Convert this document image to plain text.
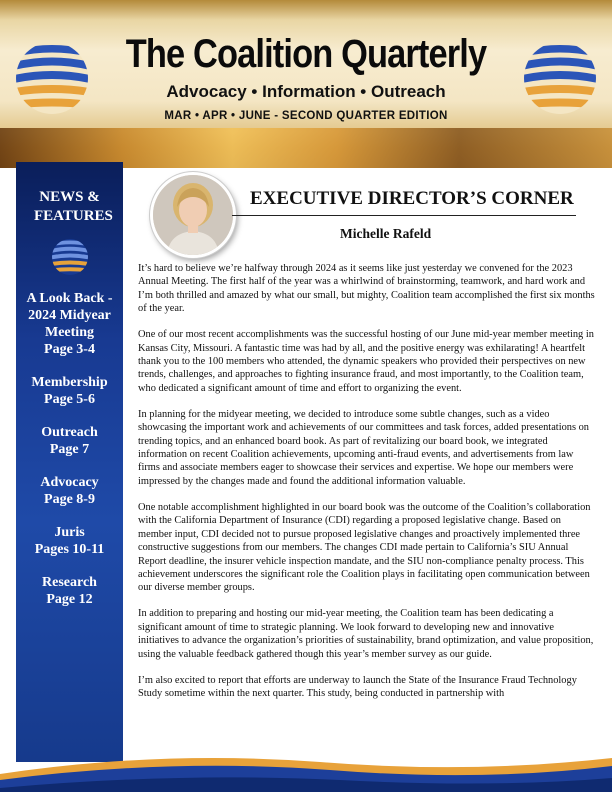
The Coalition Quarterly

Advocacy • Information • Outreach

MAR • APR • JUNE - SECOND QUARTER EDITION

NEWS & FEATURES
A Look Back - 2024 Midyear Meeting
Page 3-4
Membership
Page 5-6
Outreach
Page 7
Advocacy
Page 8-9
Juris
Pages 10-11
Research
Page 12
EXECUTIVE DIRECTOR’S CORNER

Michelle Rafeld

It’s hard to believe we’re halfway through 2024 as it seems like just yesterday we convened for the 2023 Annual Meeting. The first half of the year was a whirlwind of brainstorming, teamwork, and hard work and I’m both thrilled and amazed by what our small, but mighty, Coalition team accomplished the first six months of the year.

One of our most recent accomplishments was the successful hosting of our June mid-year member meeting in Kansas City, Missouri. A fantastic time was had by all, and the positive energy was exhilarating! A heartfelt thank you to the 100 members who attended, the dynamic speakers who provided their perspectives on new trends, challenges, and approaches to fighting insurance fraud, and most importantly, to the Coalition team, who dedicated a significant amount of time and effort to organizing the event.

In planning for the midyear meeting, we decided to introduce some subtle changes, such as a video showcasing the important work and achievements of our committees and task forces, added presentations on trending topics, and an enhanced board book. As part of revitalizing our board book, we integrated information on recent Coalition achievements, upcoming anti-fraud events, and advertisements from law firms and associate members eager to showcase their services and expertise. We hope our members were impressed by the changes made and found the additional information valuable.

One notable accomplishment highlighted in our board book was the outcome of the Coalition’s collaboration with the California Department of Insurance (CDI) regarding a proposed legislative change. Based on member input, CDI decided not to pursue proposed legislative changes and proactively implemented three constructive suggestions from our members. The changes CDI made pertain to California’s SIU Annual Report deadline, the insurer vehicle inspection mandate, and the SIU non-compliance penalty process. This achievement underscores the significant role the Coalition plays in facilitating open communication between our diverse member groups.

In addition to preparing and hosting our mid-year meeting, the Coalition team has been dedicating a significant amount of time to strategic planning. We look forward to developing new and innovative initiatives to advance the organization’s priorities of sustainability, brand optimization, and value proposition, using the valuable feedback gathered though this year’s member survey as our guide.

I’m also excited to report that efforts are underway to launch the State of the Insurance Fraud Technology Study sometime within the next quarter. This study, being conducted in partnership with
